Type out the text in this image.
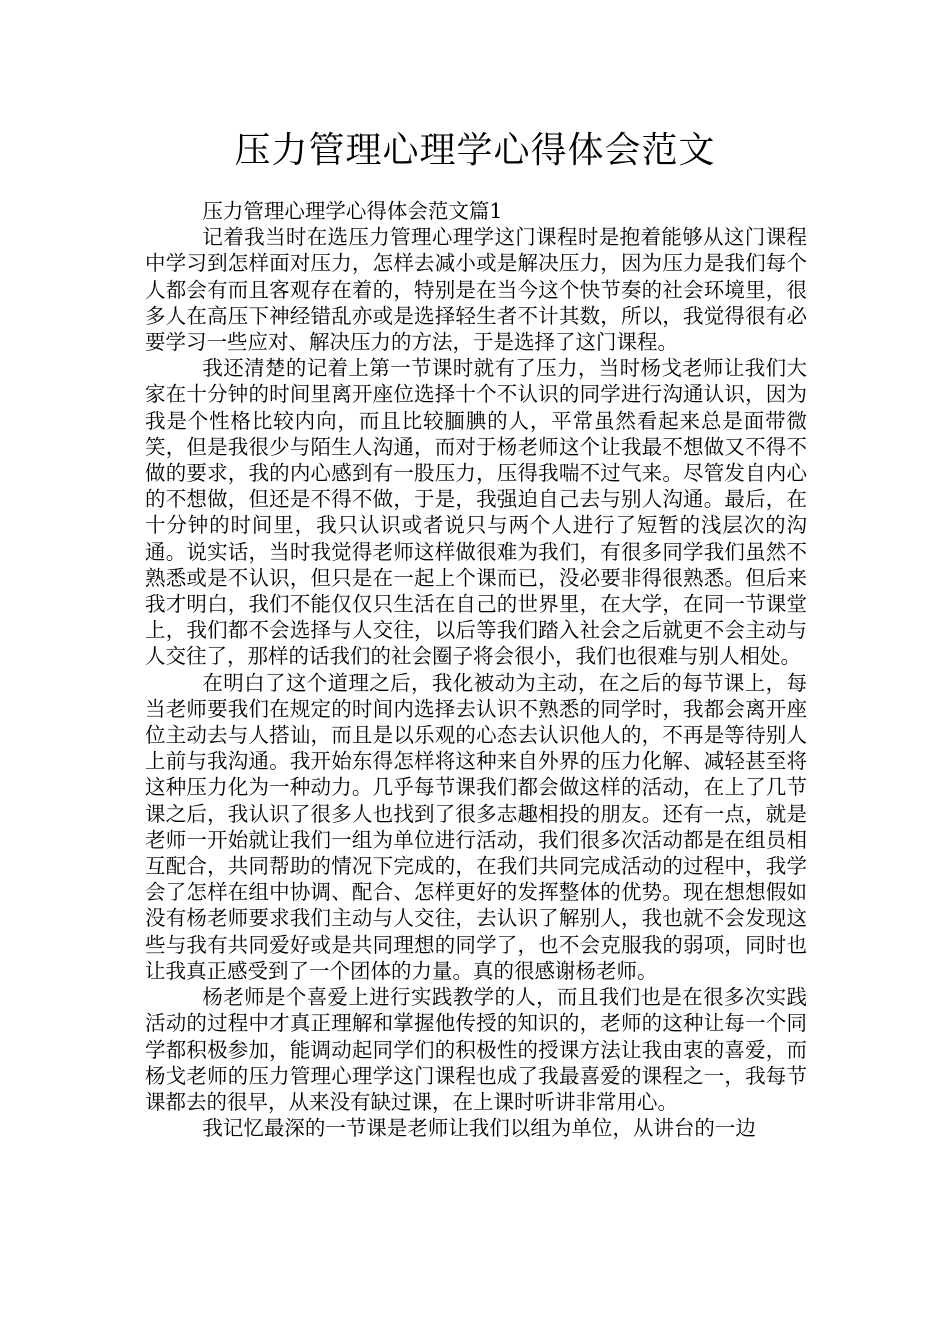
压力管理心理学心得体会范文

压力管理心理学心得体会范文篇1

记着我当时在选压力管理心理学这门课程时是抱着能够从这门课程中学习到怎样面对压力，怎样去减小或是解决压力，因为压力是我们每个人都会有而且客观存在着的，特别是在当今这个快节奏的社会环境里，很多人在高压下神经错乱亦或是选择轻生者不计其数，所以，我觉得很有必要学习一些应对、解决压力的方法，于是选择了这门课程。

我还清楚的记着上第一节课时就有了压力，当时杨戈老师让我们大家在十分钟的时间里离开座位选择十个不认识的同学进行沟通认识，因为我是个性格比较内向，而且比较腼腆的人，平常虽然看起来总是面带微笑，但是我很少与陌生人沟通，而对于杨老师这个让我最不想做又不得不做的要求，我的内心感到有一股压力，压得我喘不过气来。尽管发自内心的不想做，但还是不得不做，于是，我强迫自己去与别人沟通。最后，在十分钟的时间里，我只认识或者说只与两个人进行了短暂的浅层次的沟通。说实话，当时我觉得老师这样做很难为我们，有很多同学我们虽然不熟悉或是不认识，但只是在一起上个课而已，没必要非得很熟悉。但后来我才明白，我们不能仅仅只生活在自己的世界里，在大学，在同一节课堂上，我们都不会选择与人交往，以后等我们踏入社会之后就更不会主动与人交往了，那样的话我们的社会圈子将会很小，我们也很难与别人相处。

在明白了这个道理之后，我化被动为主动，在之后的每节课上，每当老师要我们在规定的时间内选择去认识不熟悉的同学时，我都会离开座位主动去与人搭讪，而且是以乐观的心态去认识他人的，不再是等待别人上前与我沟通。我开始东得怎样将这种来自外界的压力化解、减轻甚至将这种压力化为一种动力。几乎每节课我们都会做这样的活动，在上了几节课之后，我认识了很多人也找到了很多志趣相投的朋友。还有一点，就是老师一开始就让我们一组为单位进行活动，我们很多次活动都是在组员相互配合，共同帮助的情况下完成的，在我们共同完成活动的过程中，我学会了怎样在组中协调、配合、怎样更好的发挥整体的优势。现在想想假如没有杨老师要求我们主动与人交往，去认识了解别人，我也就不会发现这些与我有共同爱好或是共同理想的同学了，也不会克服我的弱项，同时也让我真正感受到了一个团体的力量。真的很感谢杨老师。

杨老师是个喜爱上进行实践教学的人，而且我们也是在很多次实践活动的过程中才真正理解和掌握他传授的知识的，老师的这种让每一个同学都积极参加，能调动起同学们的积极性的授课方法让我由衷的喜爱，而杨戈老师的压力管理心理学这门课程也成了我最喜爱的课程之一，我每节课都去的很早，从来没有缺过课，在上课时听讲非常用心。

我记忆最深的一节课是老师让我们以组为单位，从讲台的一边
